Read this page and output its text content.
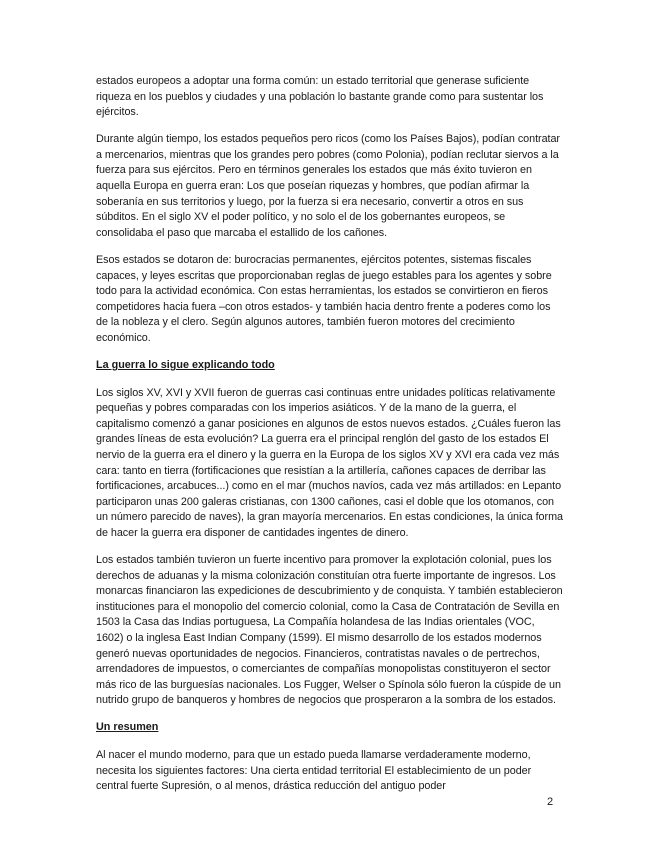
estados europeos a adoptar una forma común: un estado territorial que generase suficiente riqueza en los pueblos y ciudades y una población lo bastante grande como para sustentar los ejércitos.

Durante algún tiempo, los estados pequeños pero ricos (como los Países Bajos), podían contratar a mercenarios, mientras que los grandes pero pobres (como Polonia), podían reclutar siervos a la fuerza para sus ejércitos. Pero en términos generales los estados que más éxito tuvieron en aquella Europa en guerra eran: Los que poseían riquezas y hombres, que podían afirmar la soberanía en sus territorios y luego, por la fuerza si era necesario, convertir a otros en sus súbditos. En el siglo XV el poder político, y no solo el de los gobernantes europeos, se consolidaba el paso que marcaba el estallido de los cañones.

Esos estados se dotaron de: burocracias permanentes, ejércitos potentes, sistemas fiscales capaces, y leyes escritas que proporcionaban reglas de juego estables para los agentes y sobre todo para la actividad económica. Con estas herramientas, los estados se convirtieron en fieros competidores hacia fuera –con otros estados- y también hacia dentro frente a poderes como los de la nobleza y el clero. Según algunos autores, también fueron motores del crecimiento económico.

La guerra lo sigue explicando todo

Los siglos XV, XVI y XVII fueron de guerras casi continuas entre unidades políticas relativamente pequeñas y pobres comparadas con los imperios asiáticos. Y de la mano de la guerra, el capitalismo comenzó a ganar posiciones en algunos de estos nuevos estados. ¿Cuáles fueron las grandes líneas de esta evolución? La guerra era el principal renglón del gasto de los estados El nervio de la guerra era el dinero y la guerra en la Europa de los siglos XV y XVI era cada vez más cara: tanto en tierra (fortificaciones que resistían a la artillería, cañones capaces de derribar las fortificaciones, arcabuces...) como en el mar (muchos navíos, cada vez más artillados: en Lepanto participaron unas 200 galeras cristianas, con 1300 cañones, casi el doble que los otomanos, con un número parecido de naves), la gran mayoría mercenarios. En estas condiciones, la única forma de hacer la guerra era disponer de cantidades ingentes de dinero.

Los estados también tuvieron un fuerte incentivo para promover la explotación colonial, pues los derechos de aduanas y la misma colonización constituían otra fuerte importante de ingresos. Los monarcas financiaron las expediciones de descubrimiento y de conquista. Y también establecieron instituciones para el monopolio del comercio colonial, como la Casa de Contratación de Sevilla en 1503 la Casa das Indias portuguesa, La Compañía holandesa de las Indias orientales (VOC, 1602) o la inglesa East Indian Company (1599). El mismo desarrollo de los estados modernos generó nuevas oportunidades de negocios. Financieros, contratistas navales o de pertrechos, arrendadores de impuestos, o comerciantes de compañías monopolistas constituyeron el sector más rico de las burguesías nacionales. Los Fugger, Welser o Spínola sólo fueron la cúspide de un nutrido grupo de banqueros y hombres de negocios que prosperaron a la sombra de los estados.

Un resumen

Al nacer el mundo moderno, para que un estado pueda llamarse verdaderamente moderno, necesita los siguientes factores: Una cierta entidad territorial El establecimiento de un poder central fuerte Supresión, o al menos, drástica reducción del antiguo poder

2
